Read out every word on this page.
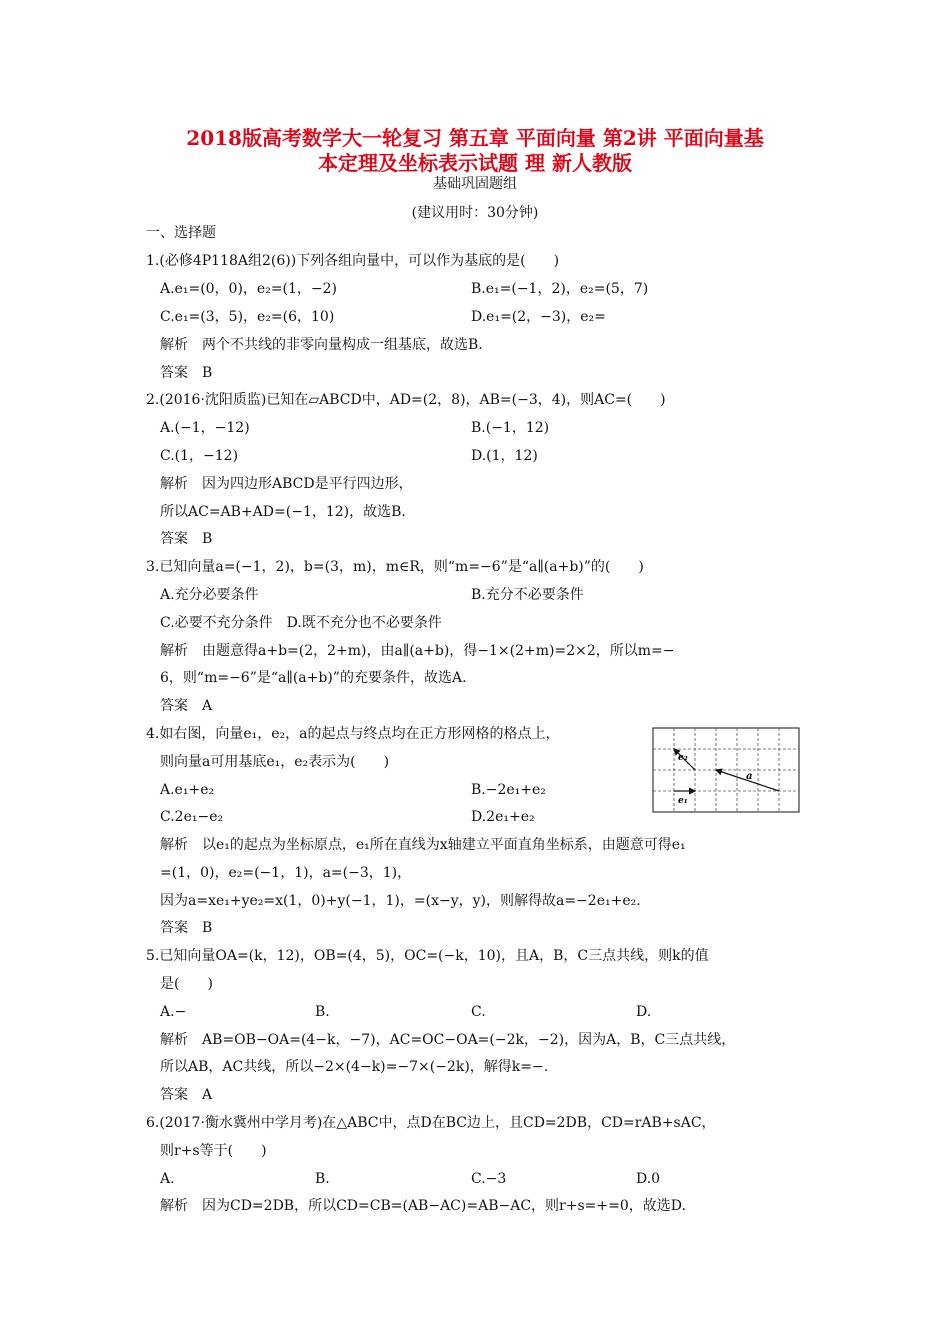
2018版高考数学大一轮复习 第五章 平面向量 第2讲 平面向量基
本定理及坐标表示试题 理 新人教版
基础巩固题组
(建议用时：30分钟)
一、选择题
1.(必修4P118A组2(6))下列各组向量中，可以作为基底的是(　　)
A.e₁=(0，0)，e₂=(1，−2)	B.e₁=(−1，2)，e₂=(5，7)
C.e₁=(3，5)，e₂=(6，10)	D.e₁=(2，−3)，e₂=
解析　两个不共线的非零向量构成一组基底，故选B.
答案　B
2.(2016·沈阳质监)已知在▱ABCD中，AD=(2，8)，AB=(−3，4)，则AC=(　　)
A.(−1，−12)	B.(−1，12)
C.(1，−12)	D.(1，12)
解析　因为四边形ABCD是平行四边形，
所以AC=AB+AD=(−1，12)，故选B.
答案　B
3.已知向量a=(−1，2)，b=(3，m)，m∈R，则“m=−6”是“a∥(a+b)”的(　　)
A.充分必要条件	B.充分不必要条件
C.必要不充分条件　D.既不充分也不必要条件
解析　由题意得a+b=(2，2+m)，由a∥(a+b)，得−1×(2+m)=2×2，所以m=−
6，则“m=−6”是“a∥(a+b)”的充要条件，故选A.
答案　A
4.如右图，向量e₁，e₂，a的起点与终点均在正方形网格的格点上，
则向量a可用基底e₁，e₂表示为(　　)
A.e₁+e₂	B.−2e₁+e₂
C.2e₁−e₂	D.2e₁+e₂
e₂
a
e₁
解析　以e₁的起点为坐标原点，e₁所在直线为x轴建立平面直角坐标系，由题意可得e₁
=(1，0)，e₂=(−1，1)，a=(−3，1)，
因为a=xe₁+ye₂=x(1，0)+y(−1，1)，=(x−y，y)，则解得故a=−2e₁+e₂.
答案　B
5.已知向量OA=(k，12)，OB=(4，5)，OC=(−k，10)，且A，B，C三点共线，则k的值
是(　　)
A.−	B.	C.	D.
解析　AB=OB−OA=(4−k，−7)，AC=OC−OA=(−2k，−2)，因为A，B，C三点共线，
所以AB，AC共线，所以−2×(4−k)=−7×(−2k)，解得k=−.
答案　A
6.(2017·衡水冀州中学月考)在△ABC中，点D在BC边上，且CD=2DB，CD=rAB+sAC，
则r+s等于(　　)
A.	B.	C.−3	D.0
解析　因为CD=2DB，所以CD=CB=(AB−AC)=AB−AC，则r+s=+=0，故选D.
